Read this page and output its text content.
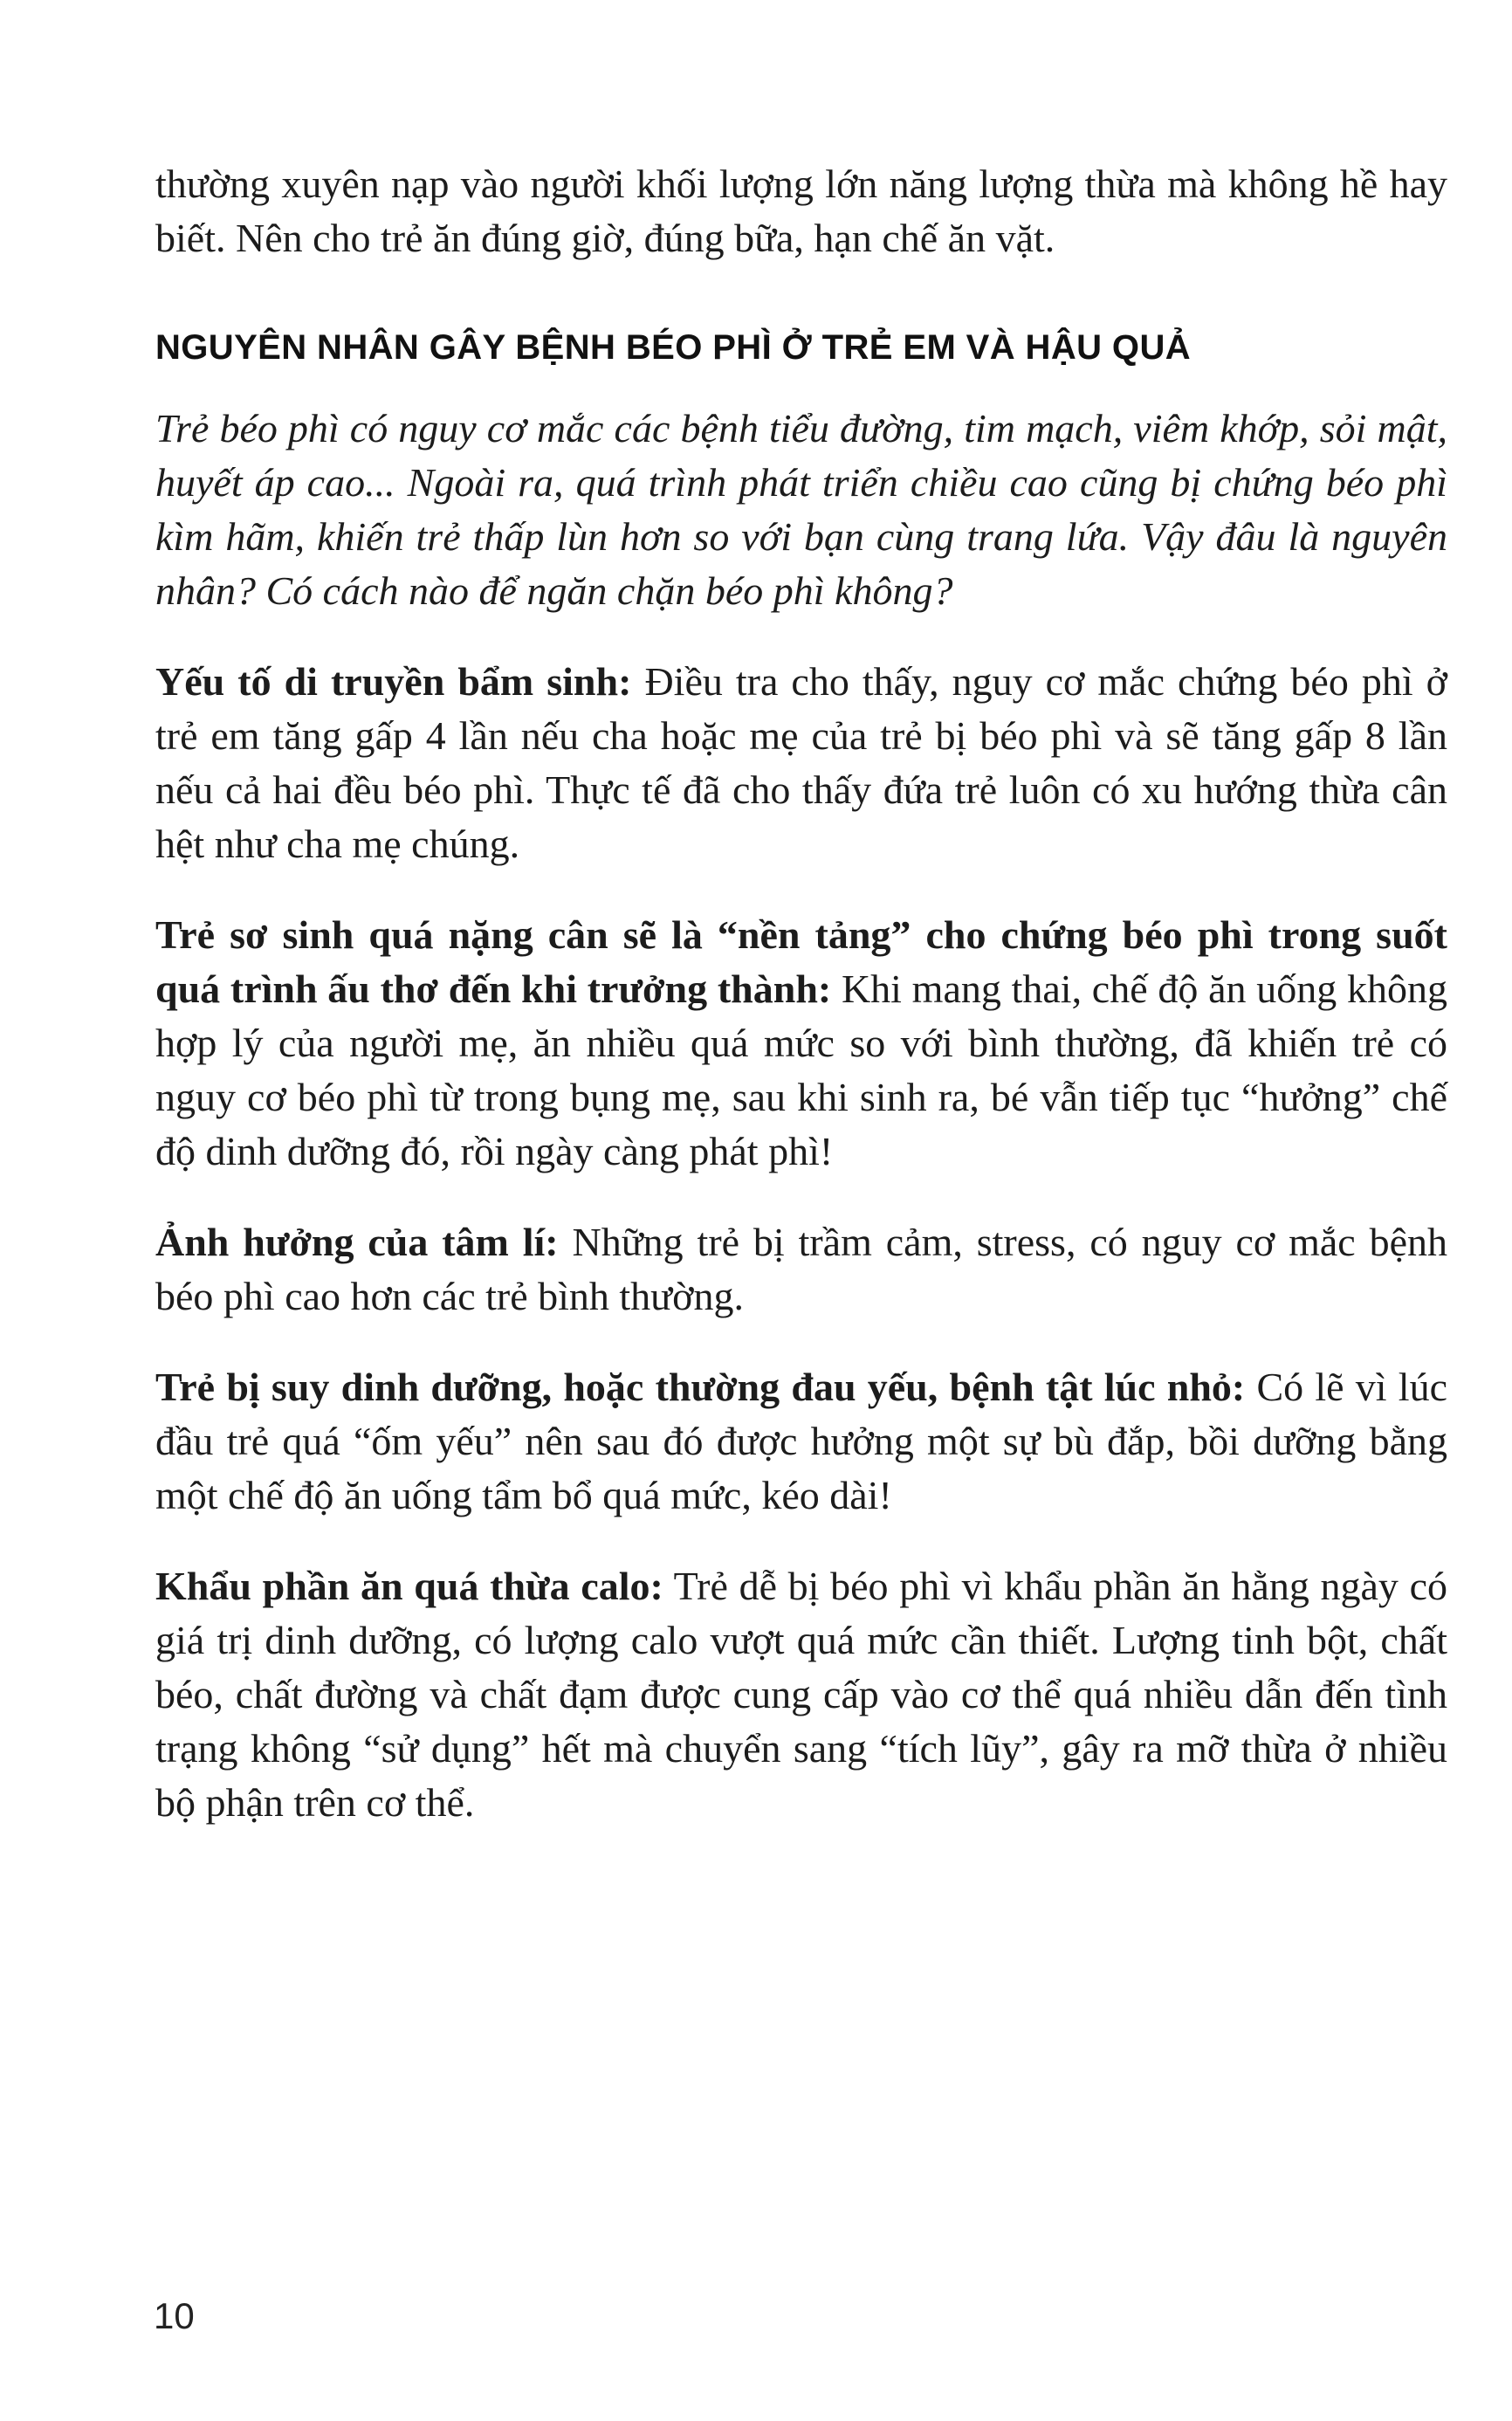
thường xuyên nạp vào người khối lượng lớn năng lượng thừa mà không hề hay biết. Nên cho trẻ ăn đúng giờ, đúng bữa, hạn chế ăn vặt.

NGUYÊN NHÂN GÂY BỆNH BÉO PHÌ Ở TRẺ EM VÀ HẬU QUẢ

Trẻ béo phì có nguy cơ mắc các bệnh tiểu đường, tim mạch, viêm khớp, sỏi mật, huyết áp cao... Ngoài ra, quá trình phát triển chiều cao cũng bị chứng béo phì kìm hãm, khiến trẻ thấp lùn hơn so với bạn cùng trang lứa. Vậy đâu là nguyên nhân? Có cách nào để ngăn chặn béo phì không?

Yếu tố di truyền bẩm sinh: Điều tra cho thấy, nguy cơ mắc chứng béo phì ở trẻ em tăng gấp 4 lần nếu cha hoặc mẹ của trẻ bị béo phì và sẽ tăng gấp 8 lần nếu cả hai đều béo phì. Thực tế đã cho thấy đứa trẻ luôn có xu hướng thừa cân hệt như cha mẹ chúng.

Trẻ sơ sinh quá nặng cân sẽ là “nền tảng” cho chứng béo phì trong suốt quá trình ấu thơ đến khi trưởng thành: Khi mang thai, chế độ ăn uống không hợp lý của người mẹ, ăn nhiều quá mức so với bình thường, đã khiến trẻ có nguy cơ béo phì từ trong bụng mẹ, sau khi sinh ra, bé vẫn tiếp tục “hưởng” chế độ dinh dưỡng đó, rồi ngày càng phát phì!

Ảnh hưởng của tâm lí: Những trẻ bị trầm cảm, stress, có nguy cơ mắc bệnh béo phì cao hơn các trẻ bình thường.

Trẻ bị suy dinh dưỡng, hoặc thường đau yếu, bệnh tật lúc nhỏ: Có lẽ vì lúc đầu trẻ quá “ốm yếu” nên sau đó được hưởng một sự bù đắp, bồi dưỡng bằng một chế độ ăn uống tẩm bổ quá mức, kéo dài!

Khẩu phần ăn quá thừa calo: Trẻ dễ bị béo phì vì khẩu phần ăn hằng ngày có giá trị dinh dưỡng, có lượng calo vượt quá mức cần thiết. Lượng tinh bột, chất béo, chất đường và chất đạm được cung cấp vào cơ thể quá nhiều dẫn đến tình trạng không “sử dụng” hết mà chuyển sang “tích lũy”, gây ra mỡ thừa ở nhiều bộ phận trên cơ thể.

10
